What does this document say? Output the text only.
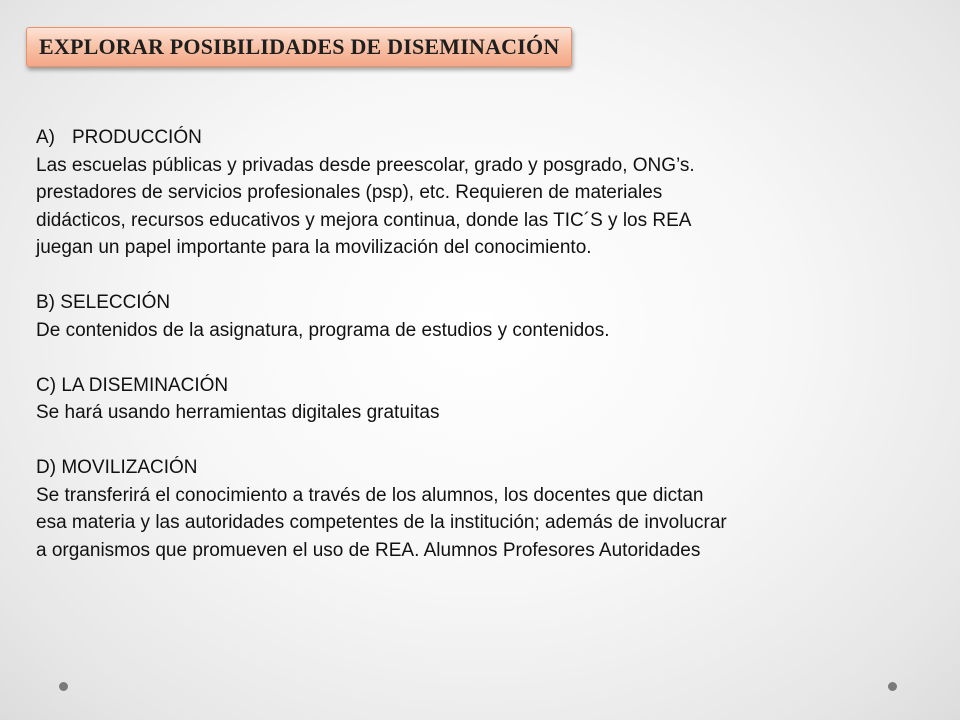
EXPLORAR POSIBILIDADES DE DISEMINACIÓN
A) PRODUCCIÓN
Las escuelas públicas y privadas desde preescolar, grado y posgrado, ONG’s.
prestadores de servicios profesionales (psp), etc. Requieren de materiales
didácticos, recursos educativos y mejora continua, donde las TIC´S y los REA
juegan un papel importante para la movilización del conocimiento.
B) SELECCIÓN
De contenidos de la asignatura, programa de estudios y contenidos.
C) LA DISEMINACIÓN
Se hará usando herramientas digitales gratuitas
D) MOVILIZACIÓN
Se transferirá el conocimiento a través de los alumnos, los docentes que dictan
esa materia y las autoridades competentes de la institución; además de involucrar
a organismos que promueven el uso de REA. Alumnos Profesores Autoridades
